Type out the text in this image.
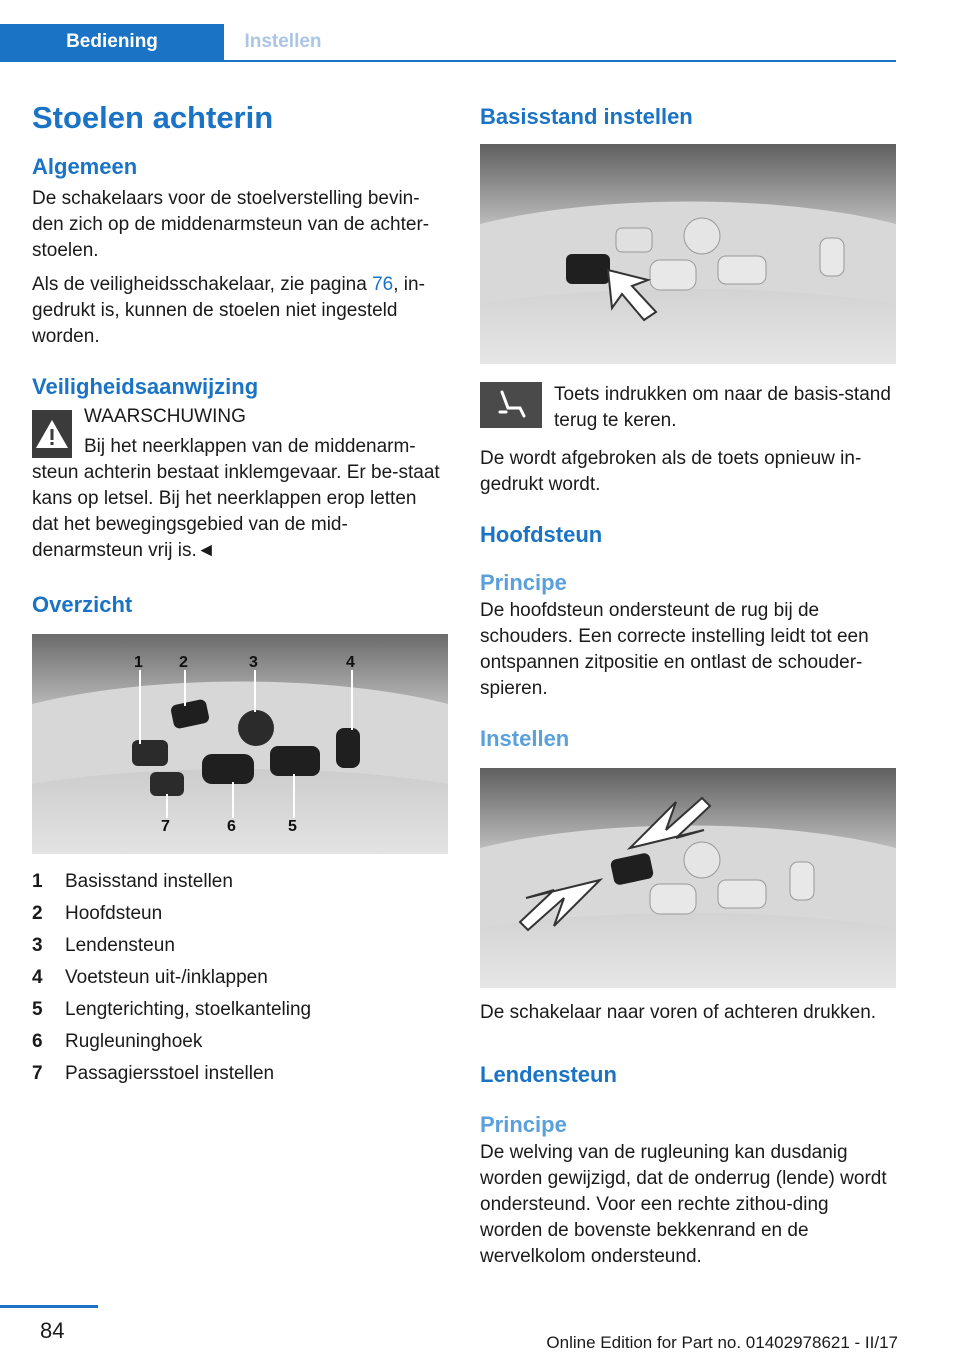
Bediening	Instellen
Stoelen achterin
Algemeen

De schakelaars voor de stoelverstelling bevin-den zich op de middenarmsteun van de achter-stoelen.

Als de veiligheidsschakelaar, zie pagina 76, in-gedrukt is, kunnen de stoelen niet ingesteld worden.

Veiligheidsaanwijzing
WAARSCHUWING
Bij het neerklappen van de middenarm-
steun achterin bestaat inklemgevaar. Er be-staat kans op letsel. Bij het neerklappen erop letten dat het bewegingsgebied van de mid-denarmsteun vrij is.◄
Overzicht
1 2	3	4
7	6	5
1	Basisstand instellen
2	Hoofdsteun
3	Lendensteun
4	Voetsteun uit-/inklappen
5	Lengterichting, stoelkanteling
6	Rugleuninghoek
7	Passagiersstoel instellen
Basisstand instellen
Toets indrukken om naar de basis-stand terug te keren.

De wordt afgebroken als de toets opnieuw in-gedrukt wordt.

Hoofdsteun
Principe

De hoofdsteun ondersteunt de rug bij de schouders. Een correcte instelling leidt tot een ontspannen zitpositie en ontlast de schouder-spieren.

Instellen

De schakelaar naar voren of achteren drukken.

Lendensteun
Principe

De welving van de rugleuning kan dusdanig worden gewijzigd, dat de onderrug (lende) wordt ondersteund. Voor een rechte zithou-ding worden de bovenste bekkenrand en de wervelkolom ondersteund.

84	Online Edition for Part no. 01402978621 - II/17
